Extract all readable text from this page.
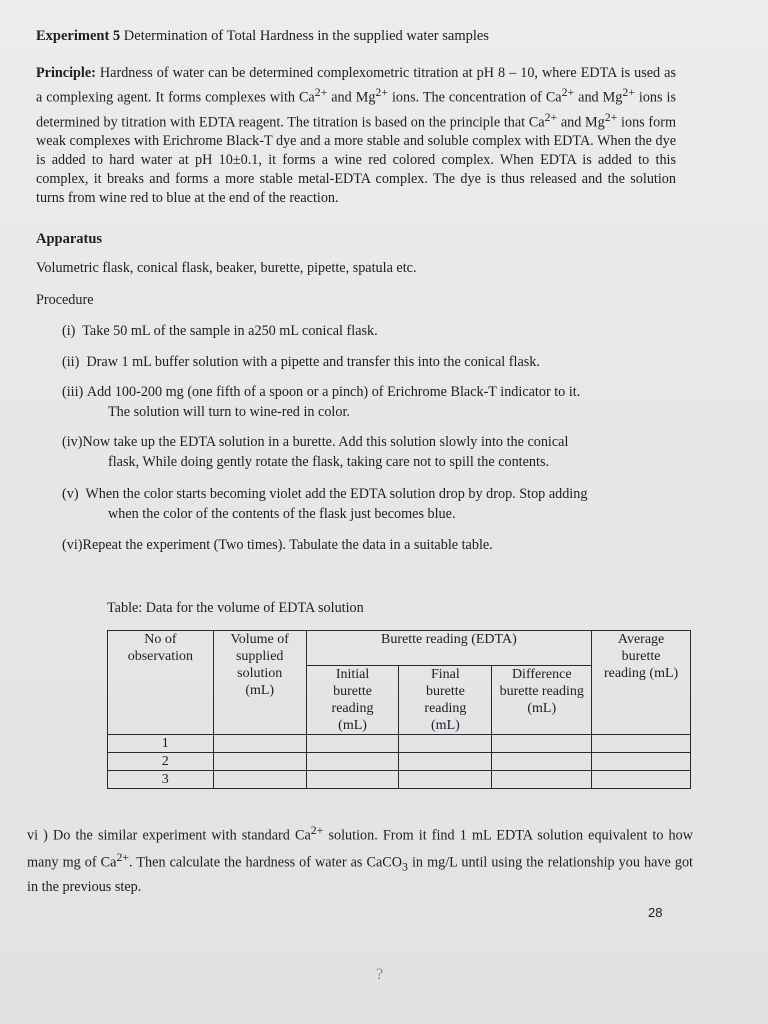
Experiment 5 Determination of Total Hardness in the supplied water samples
Principle: Hardness of water can be determined complexometric titration at pH 8 – 10, where EDTA is used as a complexing agent. It forms complexes with $Ca^{2+}$ and $Mg^{2+}$ ions. The concentration of $Ca^{2+}$ and $Mg^{2+}$ ions is determined by titration with EDTA reagent. The titration is based on the principle that $Ca^{2+}$ and $Mg^{2+}$ ions form weak complexes with Erichrome Black-T dye and a more stable and soluble complex with EDTA. When the dye is added to hard water at pH 10±0.1, it forms a wine red colored complex. When EDTA is added to this complex, it breaks and forms a more stable metal-EDTA complex. The dye is thus released and the solution turns from wine red to blue at the end of the reaction.
Apparatus
Volumetric flask, conical flask, beaker, burette, pipette, spatula etc.
Procedure
(i) Take 50 mL of the sample in a250 mL conical flask.
(ii) Draw 1 mL buffer solution with a pipette and transfer this into the conical flask.
(iii) Add 100-200 mg (one fifth of a spoon or a pinch) of Erichrome Black-T indicator to it.
The solution will turn to wine-red in color.
(iv)Now take up the EDTA solution in a burette. Add this solution slowly into the conical
flask, While doing gently rotate the flask, taking care not to spill the contents.
(v) When the color starts becoming violet add the EDTA solution drop by drop. Stop adding
when the color of the contents of the flask just becomes blue.
(vi)Repeat the experiment (Two times). Tabulate the data in a suitable table.
Table: Data for the volume of EDTA solution
No of observation	Volume of supplied solution (mL)	Burette reading (EDTA)			Average burette reading (mL)
		Initial burette reading (mL)	Final burette reading (mL)	Difference burette reading (mL)	
1					
2					
3					
vi ) Do the similar experiment with standard $Ca^{2+}$ solution. From it find 1 mL EDTA solution equivalent to how many mg of $Ca^{2+}$. Then calculate the hardness of water as CaCO$_3$ in mg/L until using the relationship you have got in the previous step.
28
?
